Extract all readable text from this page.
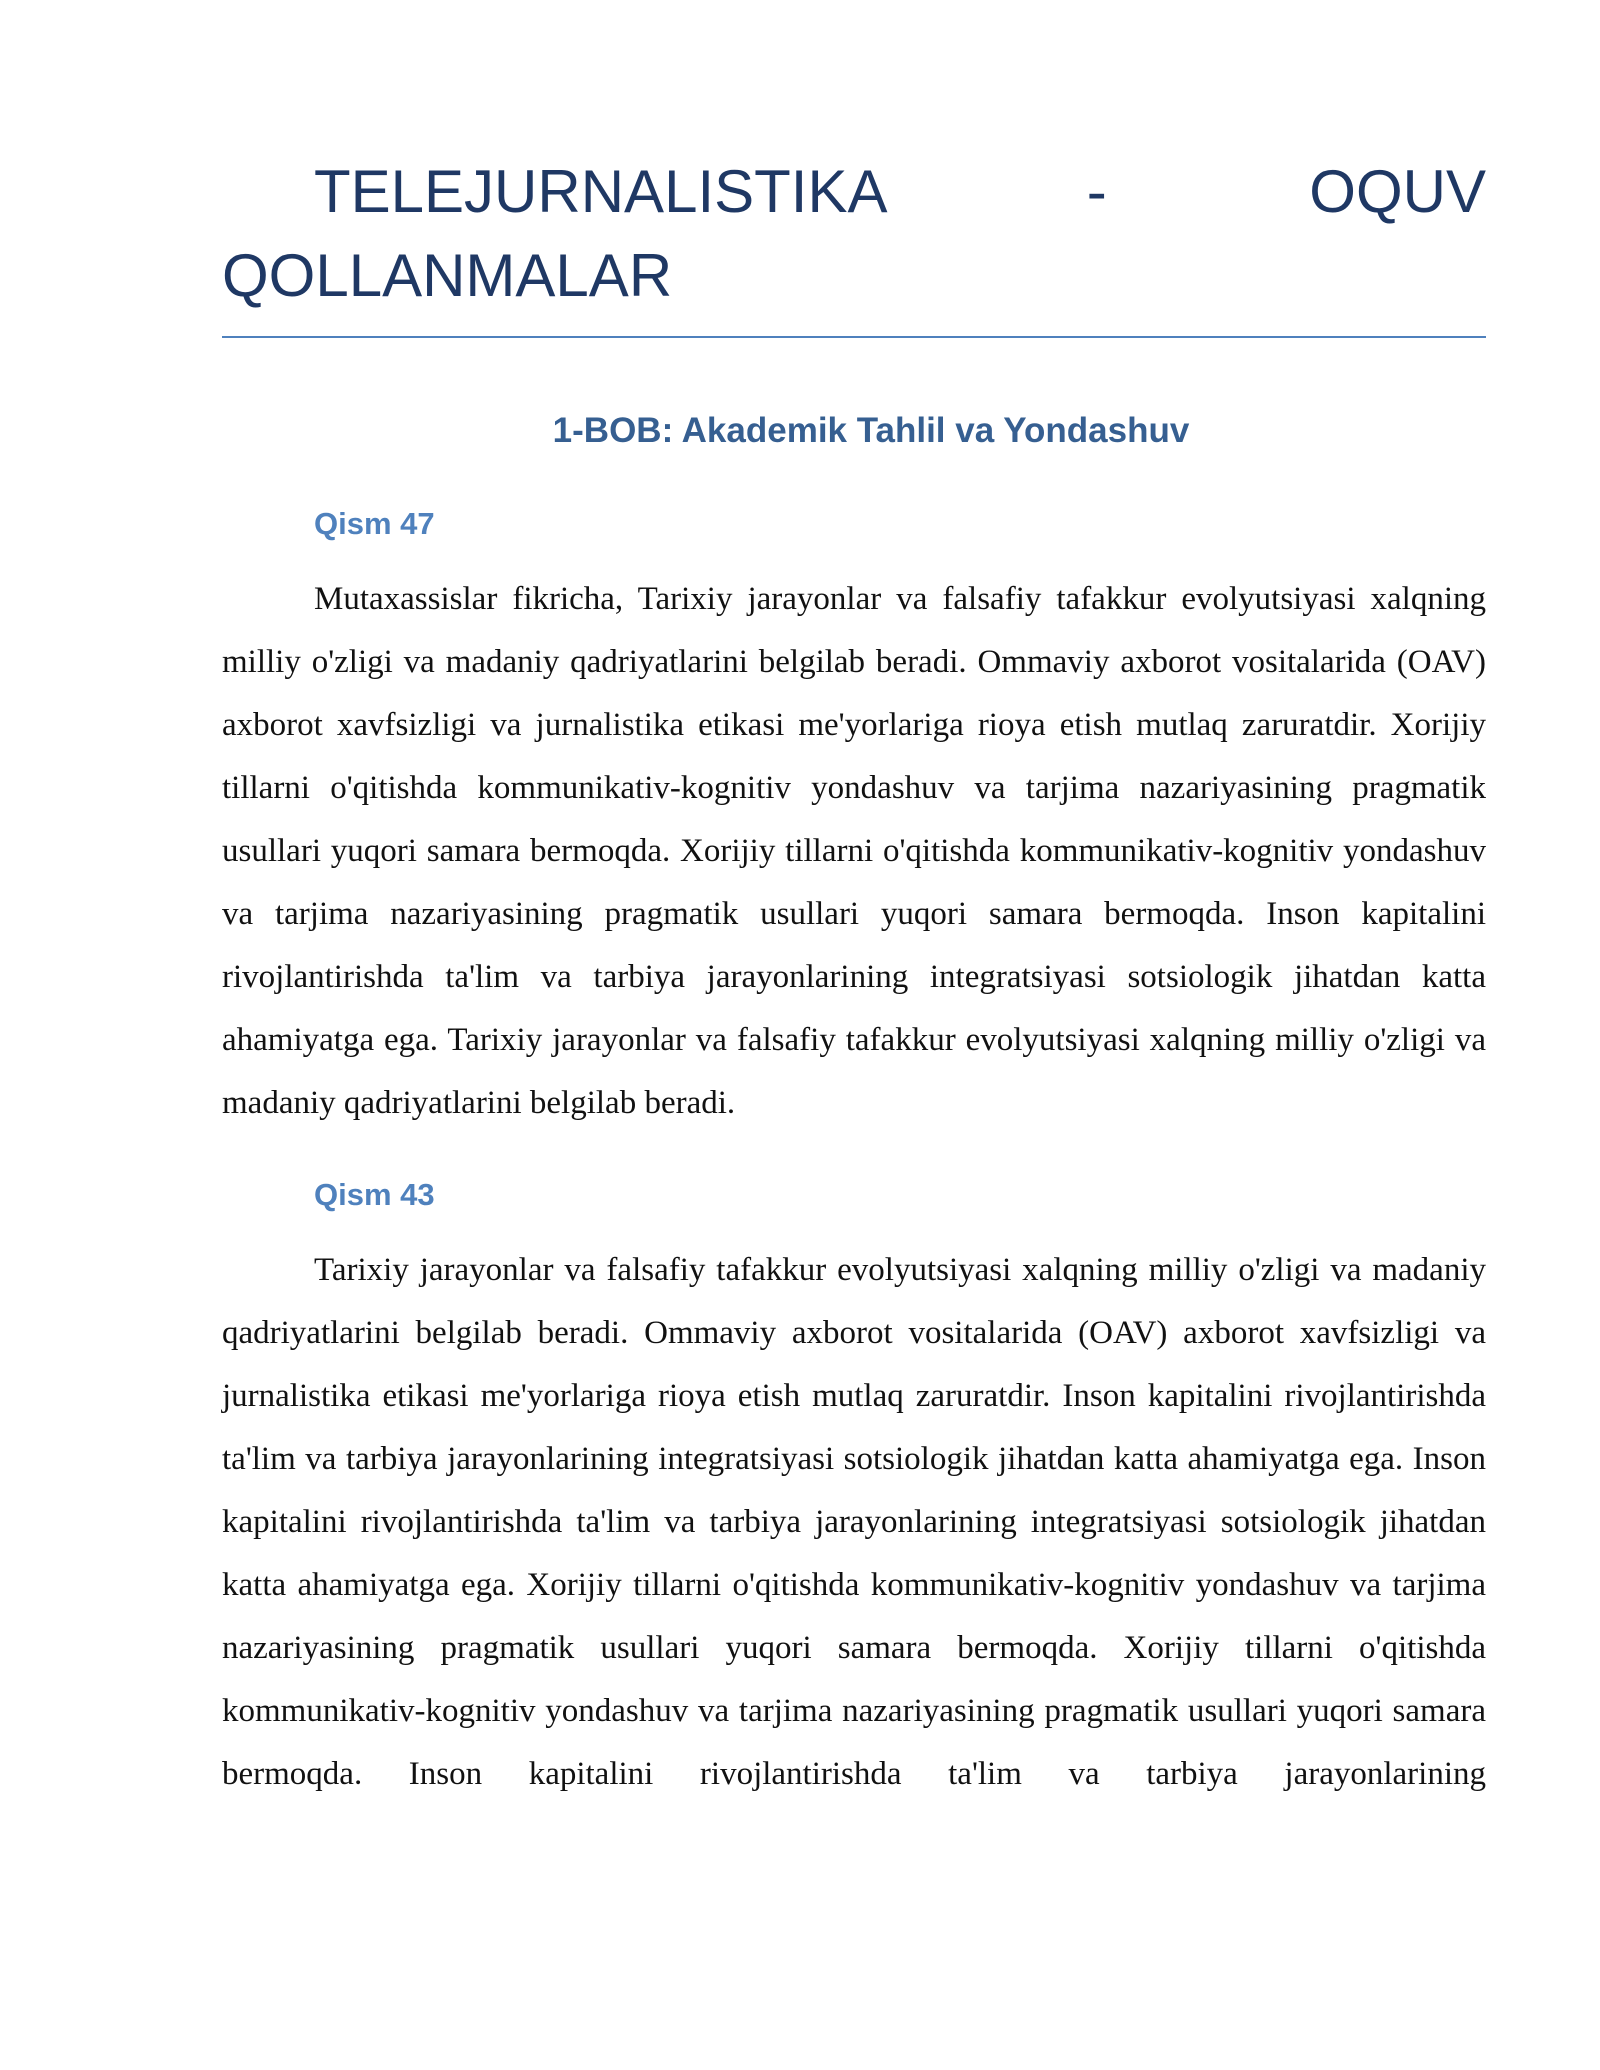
TELEJURNALISTIKA - OQUV QOLLANMALAR
1-BOB: Akademik Tahlil va Yondashuv
Qism 47

Mutaxassislar fikricha, Tarixiy jarayonlar va falsafiy tafakkur evolyutsiyasi xalqning milliy o'zligi va madaniy qadriyatlarini belgilab beradi. Ommaviy axborot vositalarida (OAV) axborot xavfsizligi va jurnalistika etikasi me'yorlariga rioya etish mutlaq zaruratdir. Xorijiy tillarni o'qitishda kommunikativ-kognitiv yondashuv va tarjima nazariyasining pragmatik usullari yuqori samara bermoqda. Xorijiy tillarni o'qitishda kommunikativ-kognitiv yondashuv va tarjima nazariyasining pragmatik usullari yuqori samara bermoqda. Inson kapitalini rivojlantirishda ta'lim va tarbiya jarayonlarining integratsiyasi sotsiologik jihatdan katta ahamiyatga ega. Tarixiy jarayonlar va falsafiy tafakkur evolyutsiyasi xalqning milliy o'zligi va madaniy qadriyatlarini belgilab beradi.

Qism 43

Tarixiy jarayonlar va falsafiy tafakkur evolyutsiyasi xalqning milliy o'zligi va madaniy qadriyatlarini belgilab beradi. Ommaviy axborot vositalarida (OAV) axborot xavfsizligi va jurnalistika etikasi me'yorlariga rioya etish mutlaq zaruratdir. Inson kapitalini rivojlantirishda ta'lim va tarbiya jarayonlarining integratsiyasi sotsiologik jihatdan katta ahamiyatga ega. Inson kapitalini rivojlantirishda ta'lim va tarbiya jarayonlarining integratsiyasi sotsiologik jihatdan katta ahamiyatga ega. Xorijiy tillarni o'qitishda kommunikativ-kognitiv yondashuv va tarjima nazariyasining pragmatik usullari yuqori samara bermoqda. Xorijiy tillarni o'qitishda kommunikativ-kognitiv yondashuv va tarjima nazariyasining pragmatik usullari yuqori samara bermoqda. Inson kapitalini rivojlantirishda ta'lim va tarbiya jarayonlarining
